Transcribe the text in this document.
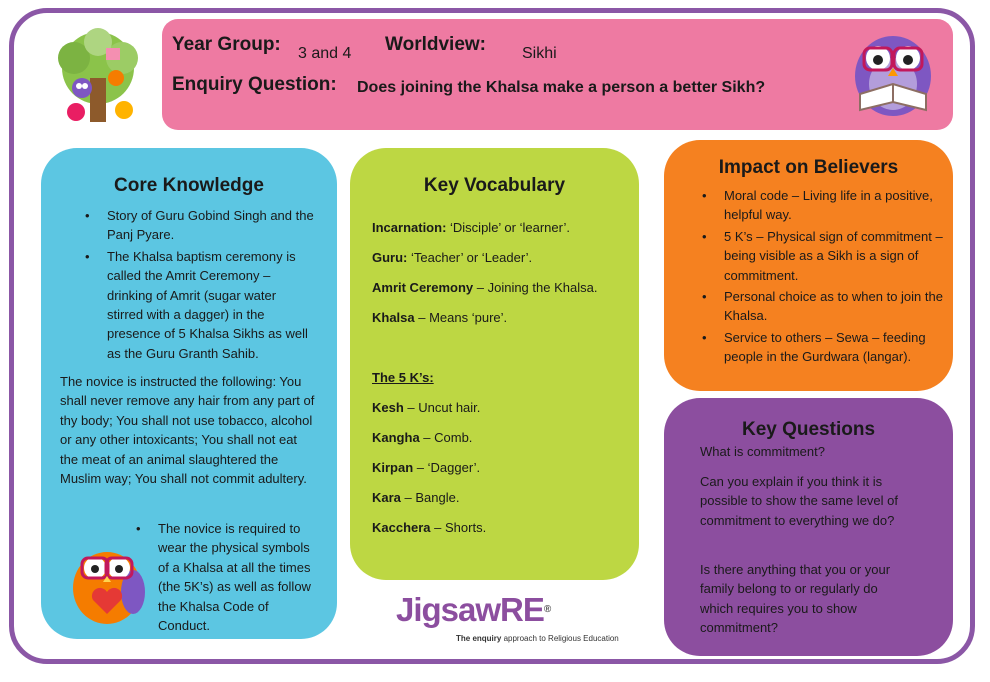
Year Group: 3 and 4 Worldview: Sikhi
Enquiry Question: Does joining the Khalsa make a person a better Sikh?
Core Knowledge
• Story of Guru Gobind Singh and the Panj Pyare.
• The Khalsa baptism ceremony is called the Amrit Ceremony – drinking of Amrit (sugar water stirred with a dagger) in the presence of 5 Khalsa Sikhs as well as the Guru Granth Sahib.
The novice is instructed the following: You shall never remove any hair from any part of thy body; You shall not use tobacco, alcohol or any other intoxicants; You shall not eat the meat of an animal slaughtered the Muslim way; You shall not commit adultery.
• The novice is required to wear the physical symbols of a Khalsa at all the times (the 5K’s) as well as follow the Khalsa Code of Conduct.
Key Vocabulary
Incarnation: ‘Disciple’ or ‘learner’.
Guru: ‘Teacher’ or ‘Leader’.
Amrit Ceremony – Joining the Khalsa.
Khalsa – Means ‘pure’.
The 5 K’s:
Kesh – Uncut hair.
Kangha – Comb.
Kirpan – ‘Dagger’.
Kara – Bangle.
Kacchera – Shorts.
Impact on Believers
• Moral code – Living life in a positive, helpful way.
• 5 K’s – Physical sign of commitment – being visible as a Sikh is a sign of commitment.
• Personal choice as to when to join the Khalsa.
• Service to others – Sewa – feeding people in the Gurdwara (langar).
Key Questions
What is commitment?
Can you explain if you think it is possible to show the same level of commitment to everything we do?
Is there anything that you or your family belong to or regularly do which requires you to show commitment?
JigsawRE®
The enquiry approach to Religious Education
